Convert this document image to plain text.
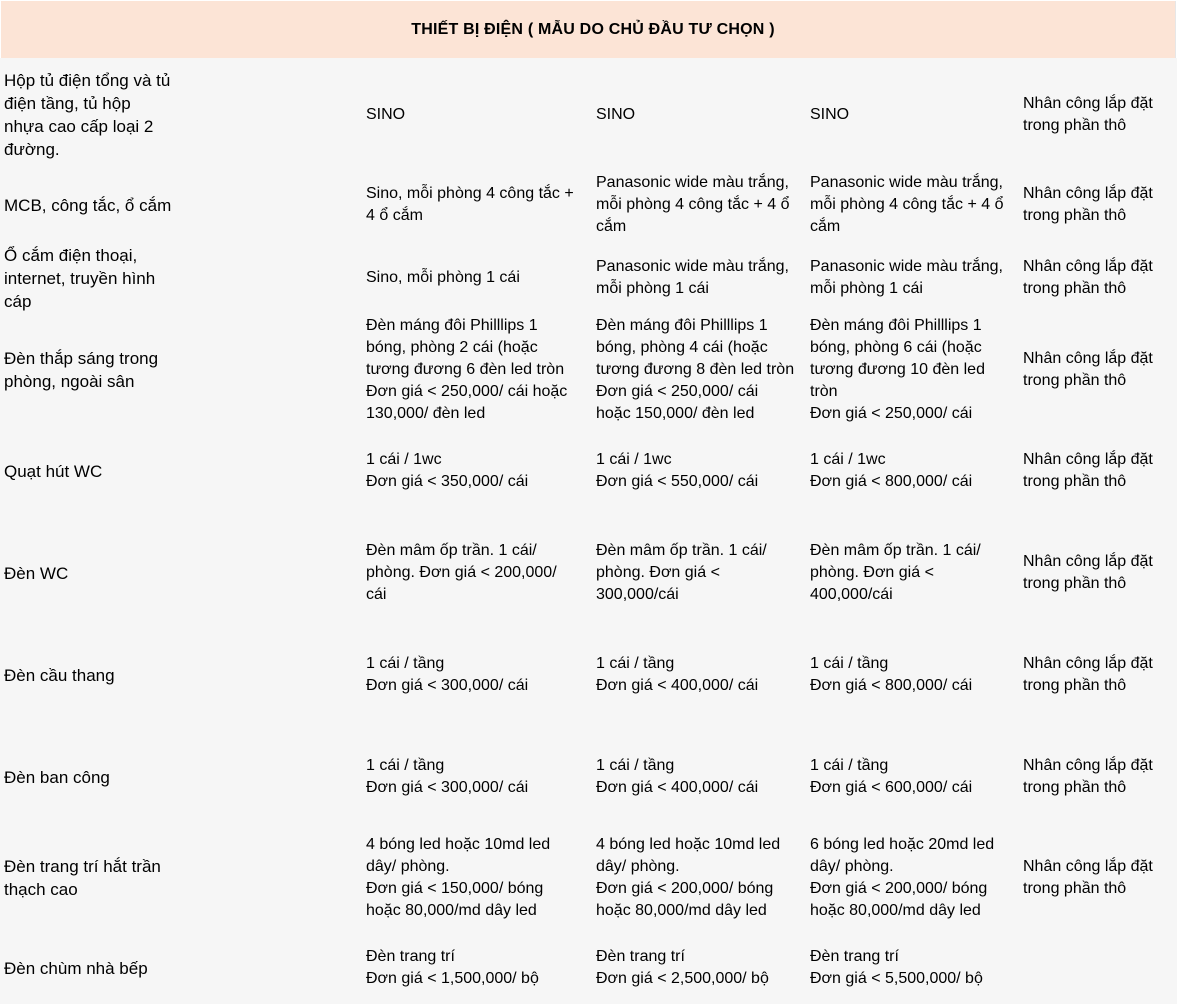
THIẾT BỊ ĐIỆN ( MẪU DO CHỦ ĐẦU TƯ CHỌN )
Hộp tủ điện tổng và tủ
điện tầng, tủ hộp
nhựa cao cấp loại 2
đường.
SINO	SINO	SINO
Nhân công lắp đặt
trong phần thô
MCB, công tắc, ổ cắm
Sino, mỗi phòng 4 công tắc +
4 ổ cắm
Panasonic wide màu trắng,
mỗi phòng 4 công tắc + 4 ổ
cắm
Panasonic wide màu trắng,
mỗi phòng 4 công tắc + 4 ổ
cắm
Nhân công lắp đặt
trong phần thô
Ổ cắm điện thoại,
internet, truyền hình
cáp
Sino, mỗi phòng 1 cái
Panasonic wide màu trắng,
mỗi phòng 1 cái
Panasonic wide màu trắng,
mỗi phòng 1 cái
Nhân công lắp đặt
trong phần thô
Đèn thắp sáng trong
phòng, ngoài sân
Đèn máng đôi Philllips 1
bóng, phòng 2 cái (hoặc
tương đương 6 đèn led tròn
Đơn giá < 250,000/ cái hoặc
130,000/ đèn led
Đèn máng đôi Philllips 1
bóng, phòng 4 cái (hoặc
tương đương 8 đèn led tròn
Đơn giá < 250,000/ cái
hoặc 150,000/ đèn led
Đèn máng đôi Philllips 1
bóng, phòng 6 cái (hoặc
tương đương 10 đèn led
tròn
Đơn giá < 250,000/ cái
Nhân công lắp đặt
trong phần thô
Quạt hút WC
1 cái / 1wc
Đơn giá < 350,000/ cái
1 cái / 1wc
Đơn giá < 550,000/ cái
1 cái / 1wc
Đơn giá < 800,000/ cái
Nhân công lắp đặt
trong phần thô
Đèn WC
Đèn mâm ốp trần. 1 cái/
phòng. Đơn giá < 200,000/
cái
Đèn mâm ốp trần. 1 cái/
phòng. Đơn giá <
300,000/cái
Đèn mâm ốp trần. 1 cái/
phòng. Đơn giá <
400,000/cái
Nhân công lắp đặt
trong phần thô
Đèn cầu thang
1 cái / tầng
Đơn giá < 300,000/ cái
1 cái / tầng
Đơn giá < 400,000/ cái
1 cái / tầng
Đơn giá < 800,000/ cái
Nhân công lắp đặt
trong phần thô
Đèn ban công
1 cái / tầng
Đơn giá < 300,000/ cái
1 cái / tầng
Đơn giá < 400,000/ cái
1 cái / tầng
Đơn giá < 600,000/ cái
Nhân công lắp đặt
trong phần thô
Đèn trang trí hắt trần
thạch cao
4 bóng led hoặc 10md led
dây/ phòng.
Đơn giá < 150,000/ bóng
hoặc 80,000/md dây led
4 bóng led hoặc 10md led
dây/ phòng.
Đơn giá < 200,000/ bóng
hoặc 80,000/md dây led
6 bóng led hoặc 20md led
dây/ phòng.
Đơn giá < 200,000/ bóng
hoặc 80,000/md dây led
Nhân công lắp đặt
trong phần thô
Đèn chùm nhà bếp
Đèn trang trí
Đơn giá < 1,500,000/ bộ
Đèn trang trí
Đơn giá < 2,500,000/ bộ
Đèn trang trí
Đơn giá < 5,500,000/ bộ
